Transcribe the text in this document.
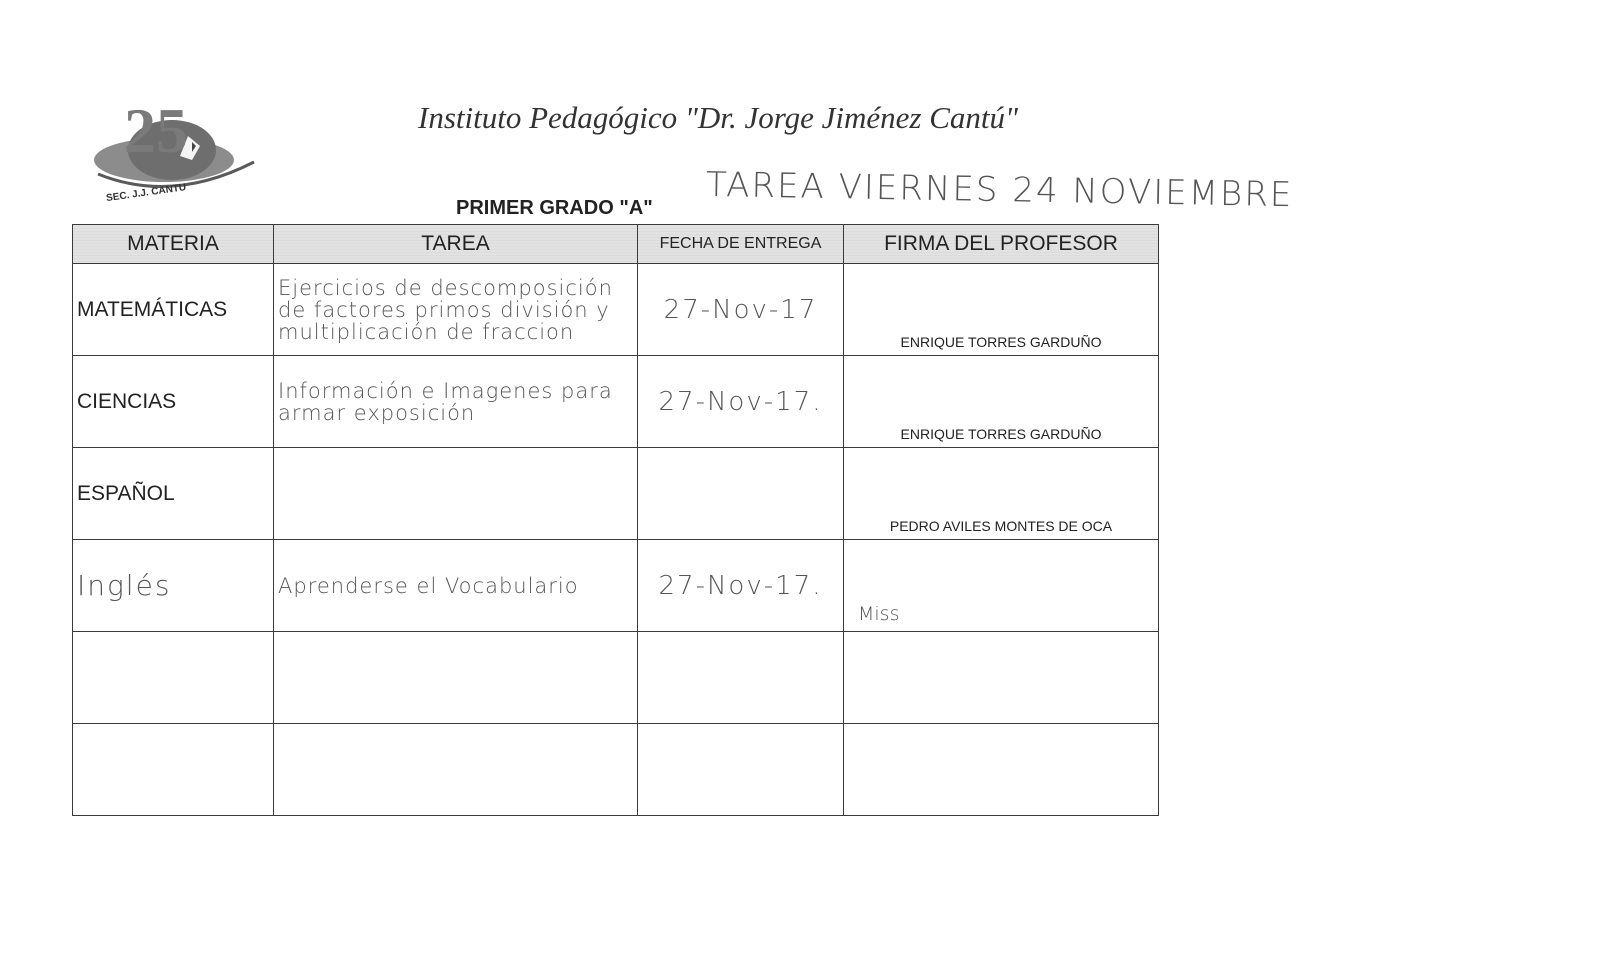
25
SEC. J.J. CANTU
Instituto Pedagógico "Dr. Jorge Jiménez Cantú"
PRIMER GRADO "A" TAREA VIERNES 24 NOVIEMBRE
MATERIA	TAREA	FECHA DE ENTREGA	FIRMA DEL PROFESOR
MATEMÁTICAS	Ejercicios de descomposición de factores primos división y multiplicación de fraccion	27-Nov-17	ENRIQUE TORRES GARDUÑO

CIENCIAS	Información e Imagenes para armar exposición	27-Nov-17.	ENRIQUE TORRES GARDUÑO

ESPAÑOL			PEDRO AVILES MONTES DE OCA

Inglés	Aprenderse el Vocabulario	27-Nov-17.	Miss
